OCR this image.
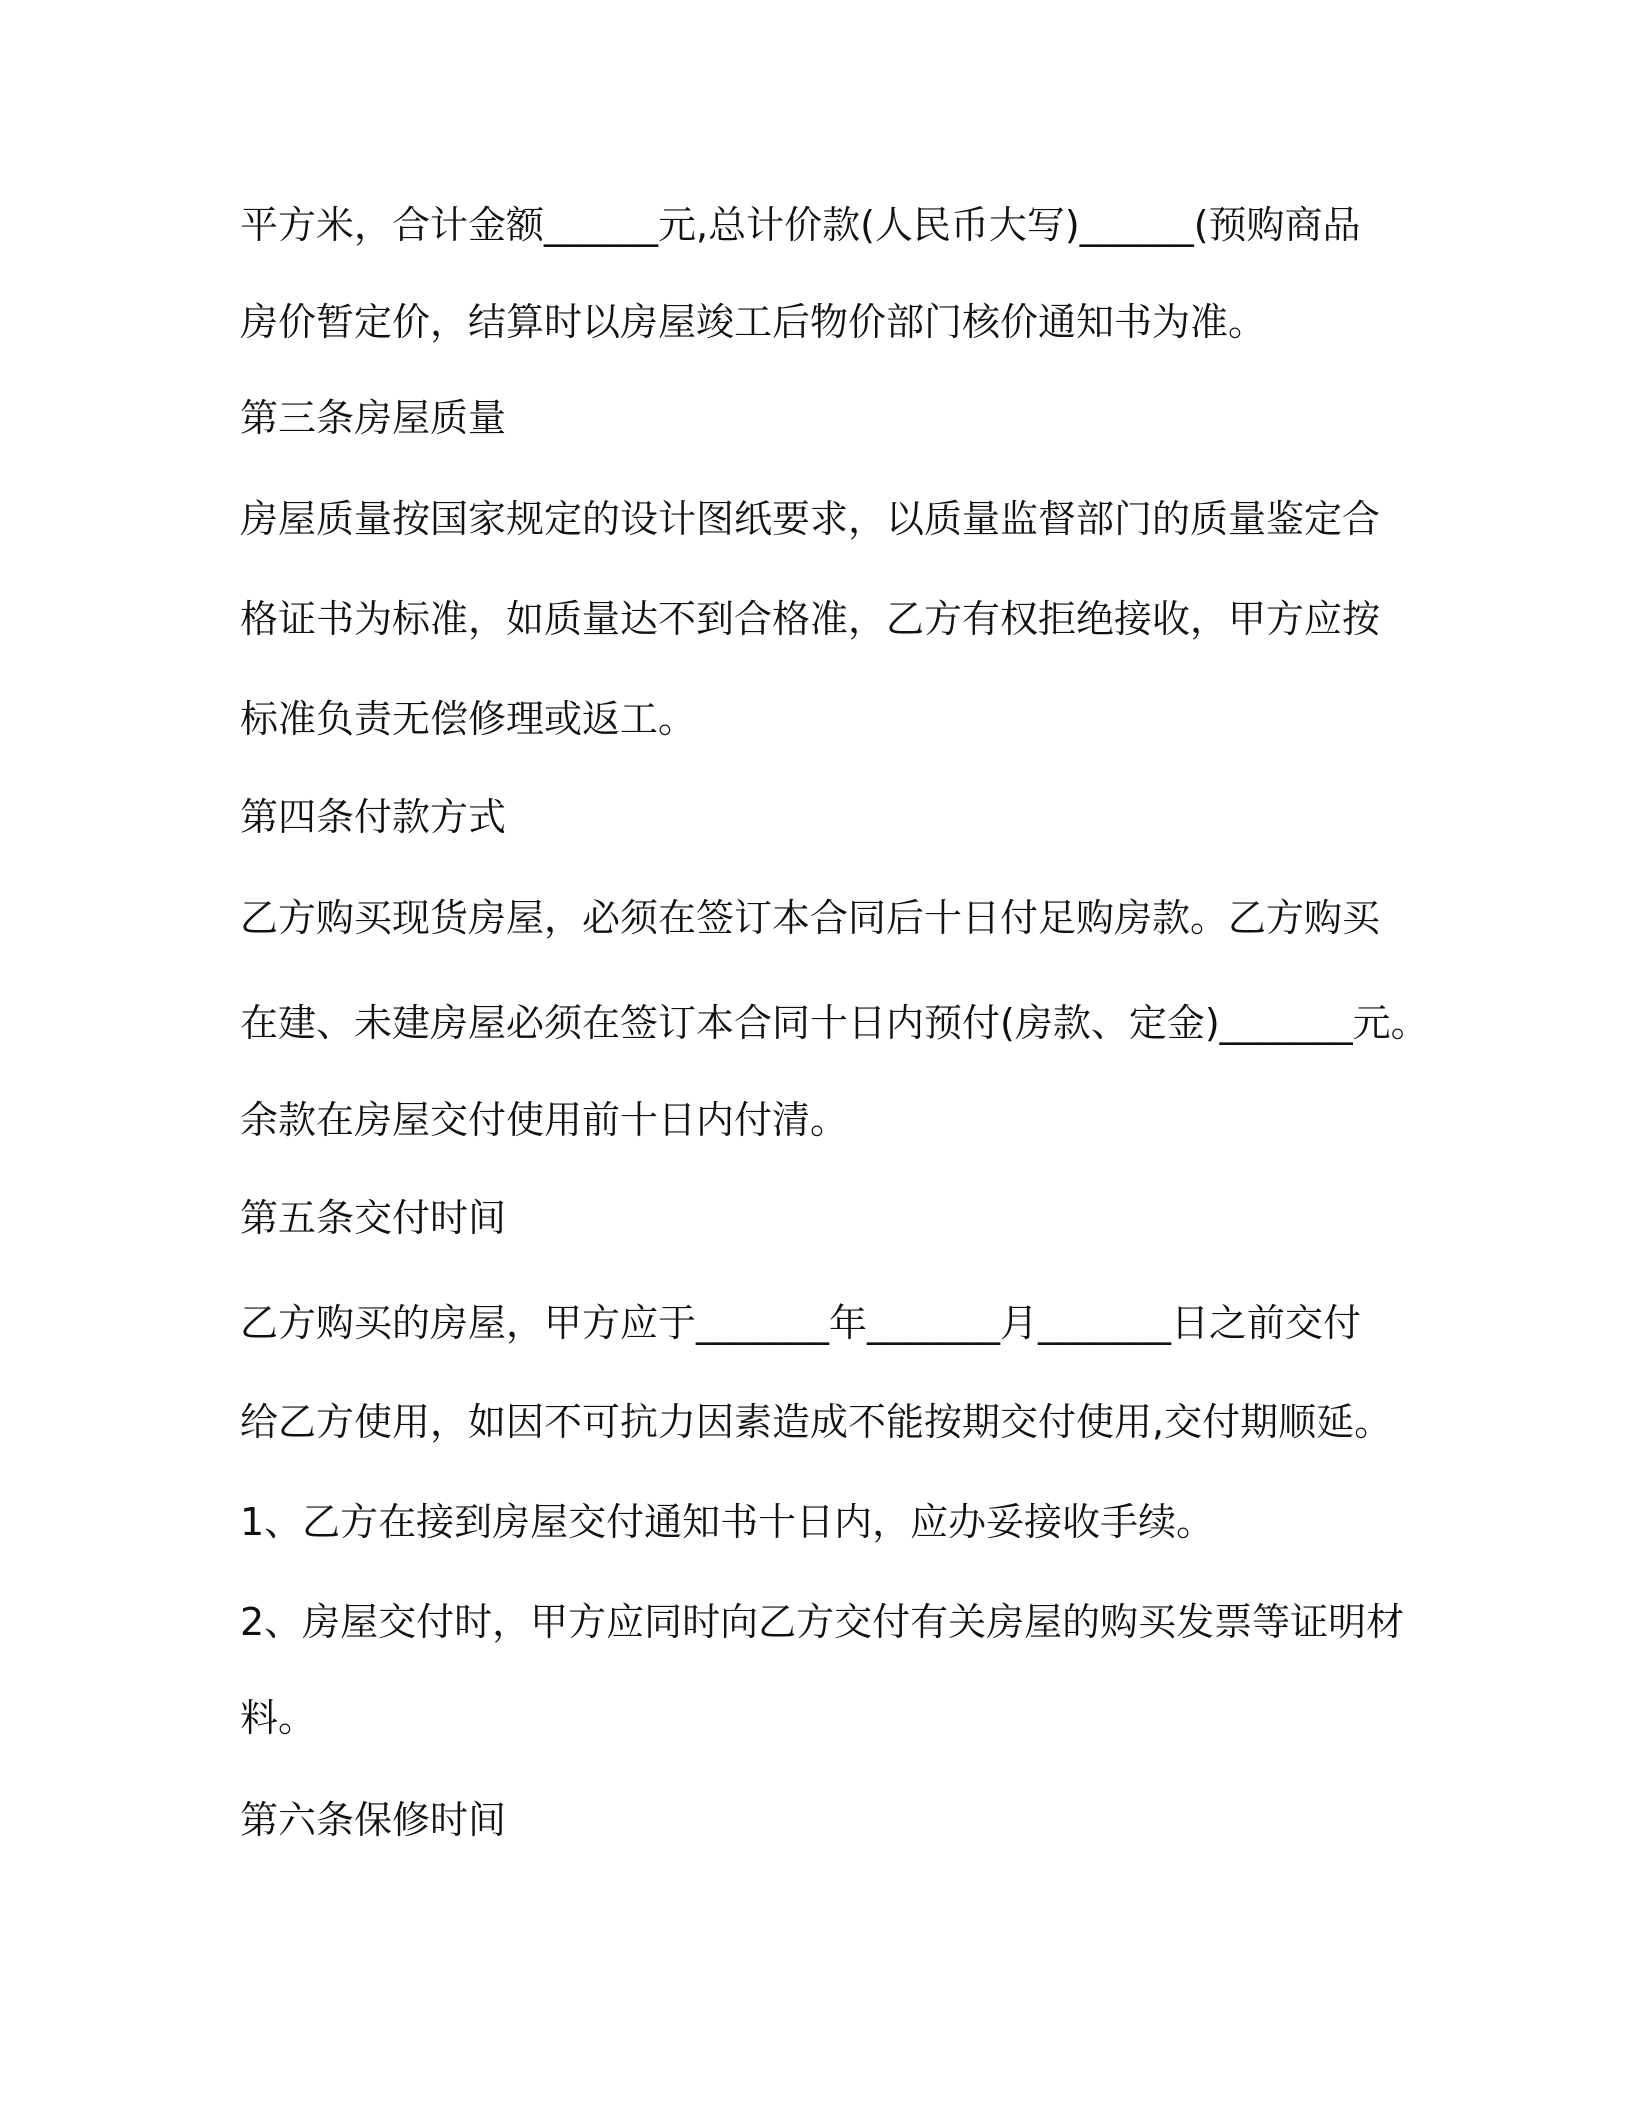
平方米，合计金额______元,总计价款(人民币大写)______(预购商品

房价暂定价，结算时以房屋竣工后物价部门核价通知书为准。

第三条房屋质量

房屋质量按国家规定的设计图纸要求，以质量监督部门的质量鉴定合

格证书为标准，如质量达不到合格准，乙方有权拒绝接收，甲方应按

标准负责无偿修理或返工。

第四条付款方式

乙方购买现货房屋，必须在签订本合同后十日付足购房款。乙方购买

在建、未建房屋必须在签订本合同十日内预付(房款、定金)_______元。

余款在房屋交付使用前十日内付清。

第五条交付时间

乙方购买的房屋，甲方应于_______年_______月_______日之前交付

给乙方使用，如因不可抗力因素造成不能按期交付使用,交付期顺延。

1、乙方在接到房屋交付通知书十日内，应办妥接收手续。

2、房屋交付时，甲方应同时向乙方交付有关房屋的购买发票等证明材

料。

第六条保修时间
